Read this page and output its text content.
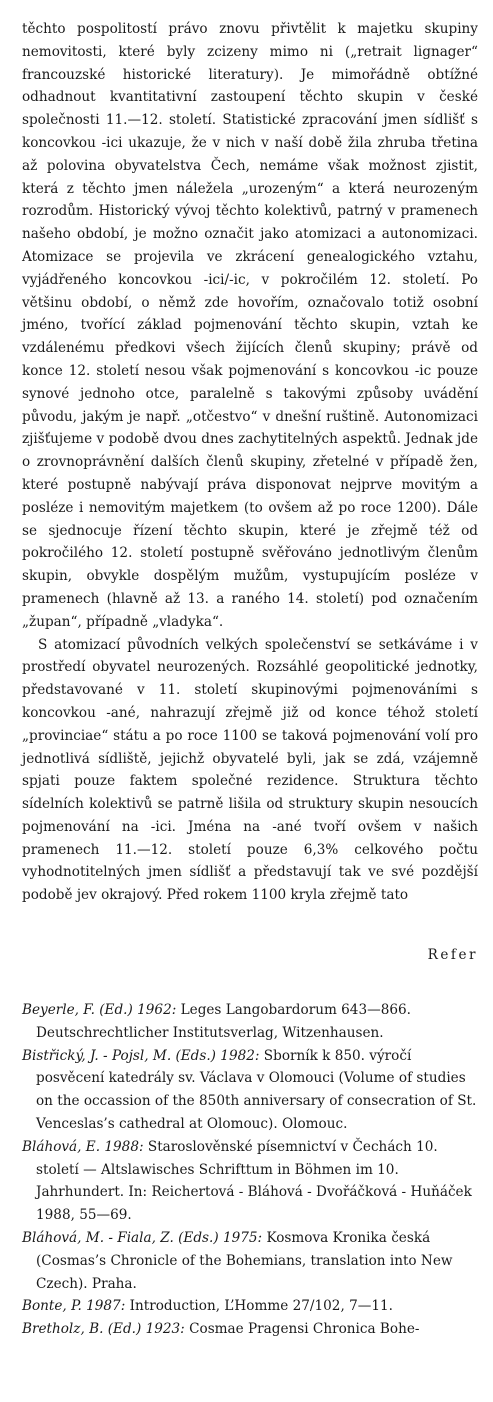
těchto pospolitostí právo znovu přivtělit k majetku skupiny nemovitosti, které byly zcizeny mimo ni („retrait lignager“ francouzské historické literatury). Je mimořádně obtížné odhadnout kvantitativní zastoupení těchto skupin v české společnosti 11.—12. století. Statistické zpracování jmen sídlišť s koncovkou -ici ukazuje, že v nich v naší době žila zhruba třetina až polovina obyvatelstva Čech, nemáme však možnost zjistit, která z těchto jmen náležela „urozeným“ a která neurozeným rozrodům. Historický vývoj těchto kolektivů, patrný v pramenech našeho období, je možno označit jako atomizaci a autonomizaci. Atomizace se projevila ve zkrácení genealogického vztahu, vyjádřeného koncovkou -ici/-ic, v pokročilém 12. století. Po většinu období, o němž zde hovořím, označovalo totiž osobní jméno, tvořící základ pojmenování těchto skupin, vztah ke vzdálenému předkovi všech žijících členů skupiny; právě od konce 12. století nesou však pojmenování s koncovkou -ic pouze synové jednoho otce, paralelně s takovými způsoby uvádění původu, jakým je např. „otčestvo“ v dnešní ruštině. Autonomizaci zjišťujeme v podobě dvou dnes zachytitelných aspektů. Jednak jde o zrovnoprávnění dalších členů skupiny, zřetelné v případě žen, které postupně nabývají práva disponovat nejprve movitým a posléze i nemovitým majetkem (to ovšem až po roce 1200). Dále se sjednocuje řízení těchto skupin, které je zřejmě též od pokročilého 12. století postupně svěřováno jednotlivým členům skupin, obvykle dospělým mužům, vystupujícím posléze v pramenech (hlavně až 13. a raného 14. století) pod označením „župan“, případně „vladyka“.

S atomizací původních velkých společenství se setkáváme i v prostředí obyvatel neurozených. Rozsáhlé geopolitické jednotky, představované v 11. století skupinovými pojmenováními s koncovkou -ané, nahrazují zřejmě již od konce téhož století „provinciae“ státu a po roce 1100 se taková pojmenování volí pro jednotlivá sídliště, jejichž obyvatelé byli, jak se zdá, vzájemně spjati pouze faktem společné rezidence. Struktura těchto sídelních kolektivů se patrně lišila od struktury skupin nesoucích pojmenování na -ici. Jména na -ané tvoří ovšem v našich pramenech 11.—12. století pouze 6,3% celkového počtu vyhodnotitelných jmen sídlišť a představují tak ve své pozdější podobě jev okrajový. Před rokem 1100 kryla zřejmě tato

Refer

Beyerle, F. (Ed.) 1962: Leges Langobardorum 643—866. Deutschrechtlicher Institutsverlag, Witzenhausen.

Bistřický, J. - Pojsl, M. (Eds.) 1982: Sborník k 850. výročí posvěcení katedrály sv. Václava v Olomouci (Volume of studies on the occassion of the 850th anniversary of consecration of St. Venceslas’s cathedral at Olomouc). Olomouc.

Bláhová, E. 1988: Staroslověnské písemnictví v Čechách 10. století — Altslawisches Schrifttum in Böhmen im 10. Jahrhundert. In: Reichertová - Bláhová - Dvořáčková - Huňáček 1988, 55—69.

Bláhová, M. - Fiala, Z. (Eds.) 1975: Kosmova Kronika česká (Cosmas’s Chronicle of the Bohemians, translation into New Czech). Praha.

Bonte, P. 1987: Introduction, L’Homme 27/102, 7—11.

Bretholz, B. (Ed.) 1923: Cosmae Pragensi Chronica Bohe-
